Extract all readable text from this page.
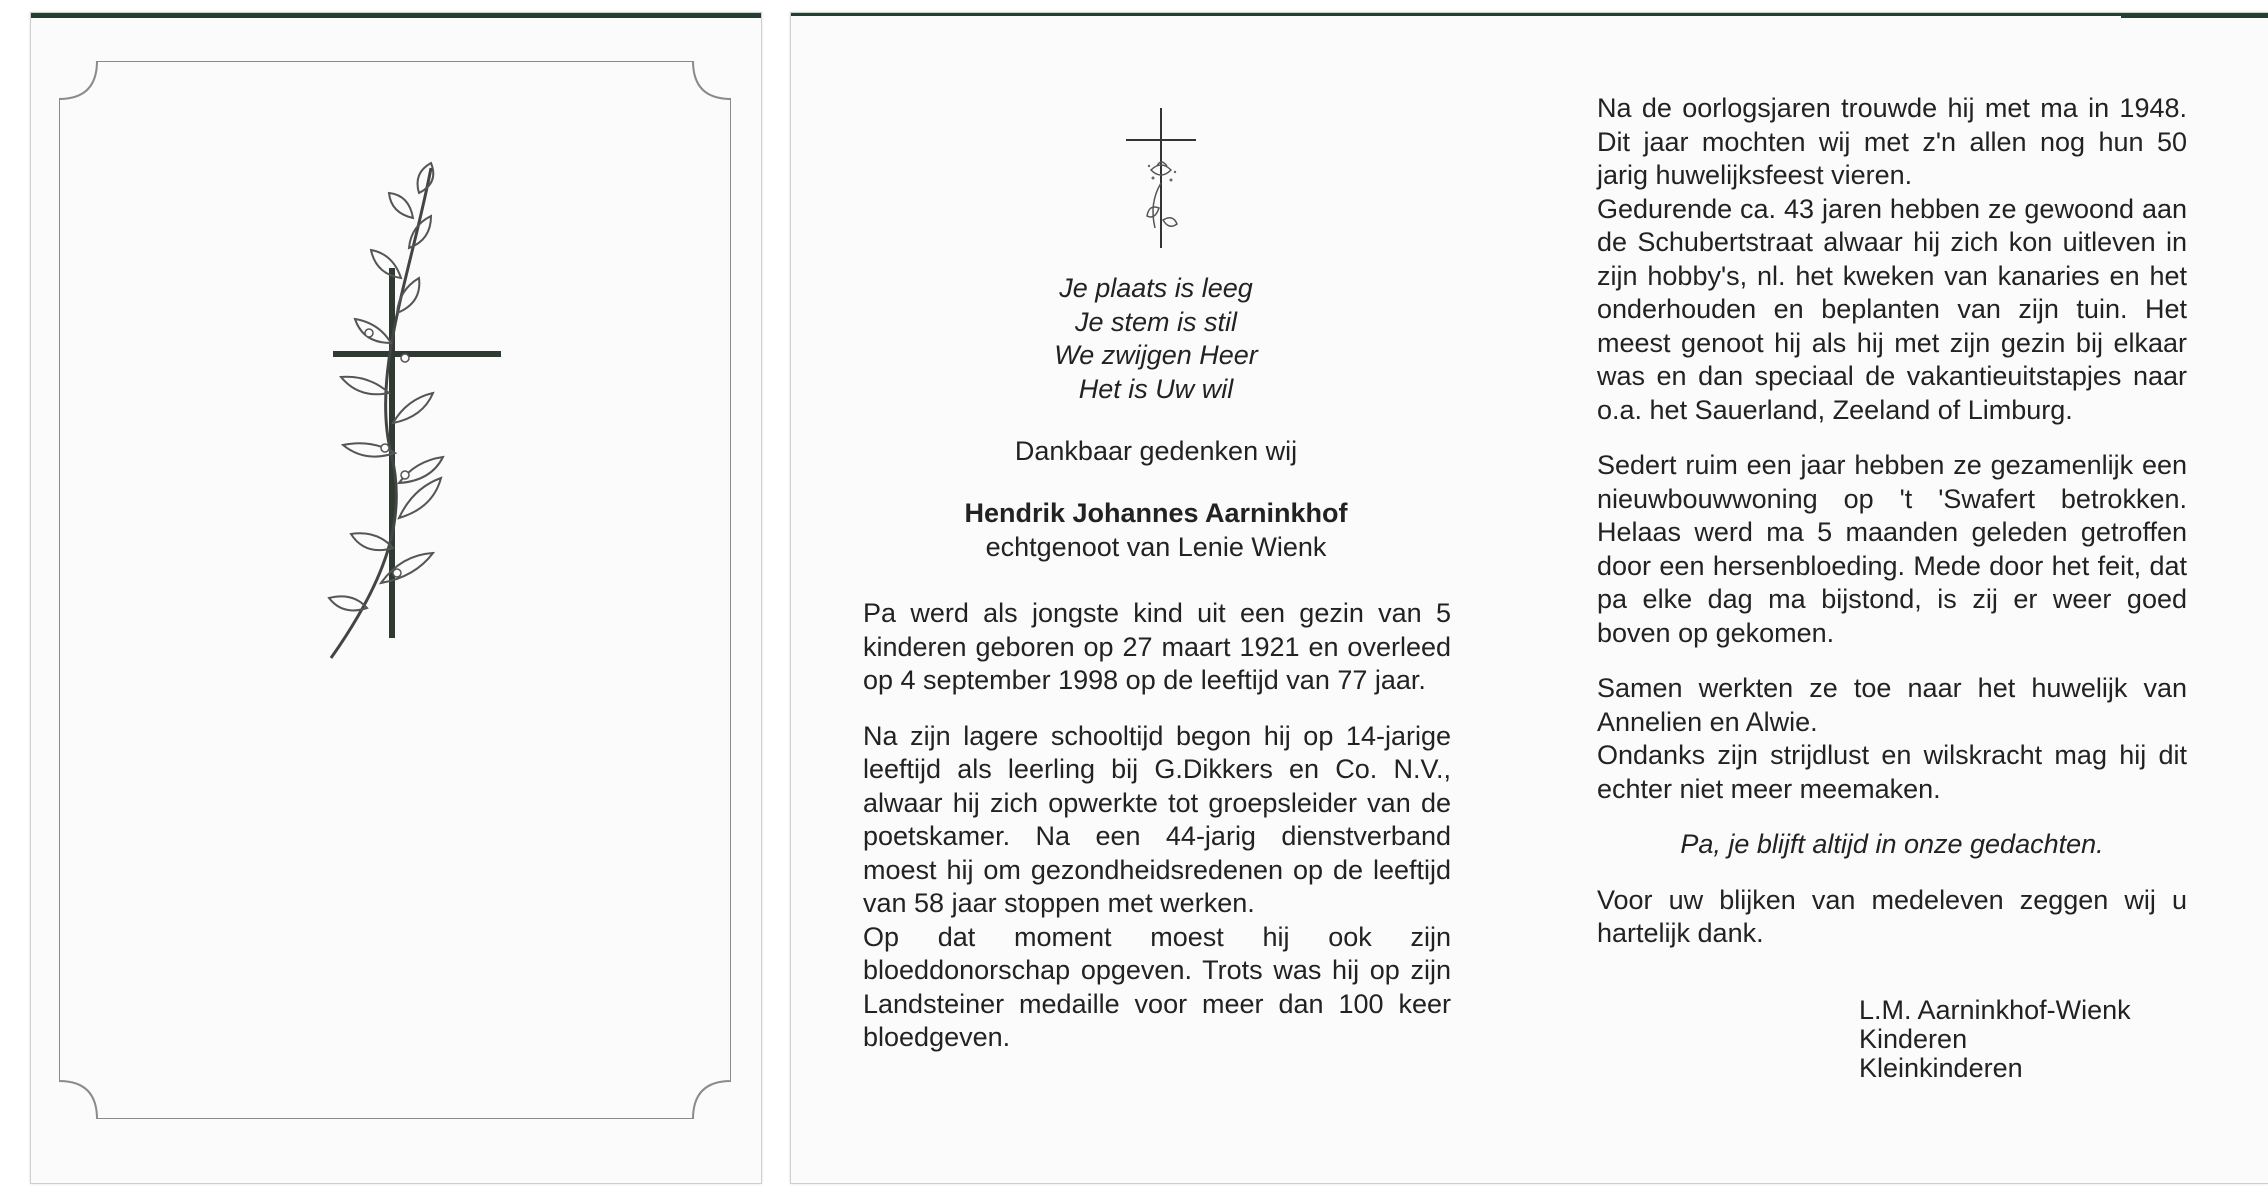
Je plaats is leeg
Je stem is stil
We zwijgen Heer
Het is Uw wil

Dankbaar gedenken wij

Hendrik Johannes Aarninkhof

echtgenoot van Lenie Wienk

Pa werd als jongste kind uit een gezin van 5 kinderen geboren op 27 maart 1921 en overleed op 4 september 1998 op de leeftijd van 77 jaar.

Na zijn lagere schooltijd begon hij op 14-jarige leeftijd als leerling bij G.Dikkers en Co. N.V., alwaar hij zich opwerkte tot groepsleider van de poetskamer. Na een 44-jarig dienstverband moest hij om gezondheidsredenen op de leeftijd van 58 jaar stoppen met werken.

Op dat moment moest hij ook zijn bloeddonorschap opgeven. Trots was hij op zijn Landsteiner medaille voor meer dan 100 keer bloedgeven.

Na de oorlogsjaren trouwde hij met ma in 1948. Dit jaar mochten wij met z'n allen nog hun 50 jarig huwelijksfeest vieren.

Gedurende ca. 43 jaren hebben ze gewoond aan de Schubertstraat alwaar hij zich kon uitleven in zijn hobby's, nl. het kweken van kanaries en het onderhouden en beplanten van zijn tuin. Het meest genoot hij als hij met zijn gezin bij elkaar was en dan speciaal de vakantieuitstapjes naar o.a. het Sauerland, Zeeland of Limburg.

Sedert ruim een jaar hebben ze gezamenlijk een nieuwbouwwoning op 't 'Swafert betrokken. Helaas werd ma 5 maanden geleden getroffen door een hersenbloeding. Mede door het feit, dat pa elke dag ma bijstond, is zij er weer goed boven op gekomen.

Samen werkten ze toe naar het huwelijk van Annelien en Alwie.

Ondanks zijn strijdlust en wilskracht mag hij dit echter niet meer meemaken.

Pa, je blijft altijd in onze gedachten.

Voor uw blijken van medeleven zeggen wij u hartelijk dank.

L.M. Aarninkhof-Wienk
Kinderen
Kleinkinderen
